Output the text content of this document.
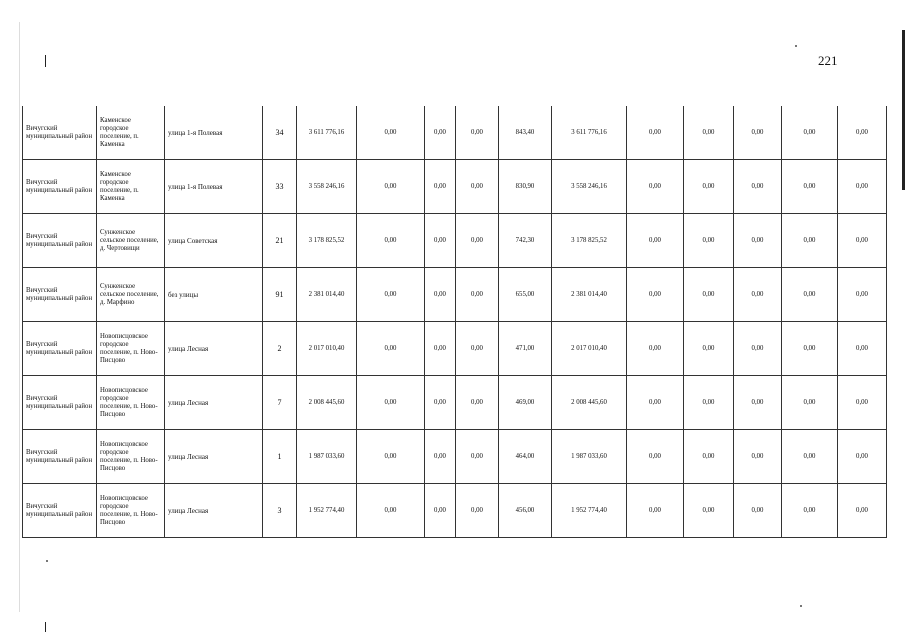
221
Вичугский муниципальный район	Каменское городское поселение, п. Каменка	улица 1-я Полевая	34	3 611 776,16	0,00	0,00	0,00	843,40	3 611 776,16	0,00	0,00	0,00	0,00	0,00
Вичугский муниципальный район	Каменское городское поселение, п. Каменка	улица 1-я Полевая	33	3 558 246,16	0,00	0,00	0,00	830,90	3 558 246,16	0,00	0,00	0,00	0,00	0,00
Вичугский муниципальный район	Сунженское сельское поселение, д. Чертовищи	улица Советская	21	3 178 825,52	0,00	0,00	0,00	742,30	3 178 825,52	0,00	0,00	0,00	0,00	0,00
Вичугский муниципальный район	Сунженское сельское поселение, д. Марфино	без улицы	91	2 381 014,40	0,00	0,00	0,00	655,00	2 381 014,40	0,00	0,00	0,00	0,00	0,00
Вичугский муниципальный район	Новописцовское городское поселение, п. Ново-Писцово	улица Лесная	2	2 017 010,40	0,00	0,00	0,00	471,00	2 017 010,40	0,00	0,00	0,00	0,00	0,00
Вичугский муниципальный район	Новописцовское городское поселение, п. Ново-Писцово	улица Лесная	7	2 008 445,60	0,00	0,00	0,00	469,00	2 008 445,60	0,00	0,00	0,00	0,00	0,00
Вичугский муниципальный район	Новописцовское городское поселение, п. Ново-Писцово	улица Лесная	1	1 987 033,60	0,00	0,00	0,00	464,00	1 987 033,60	0,00	0,00	0,00	0,00	0,00
Вичугский муниципальный район	Новописцовское городское поселение, п. Ново-Писцово	улица Лесная	3	1 952 774,40	0,00	0,00	0,00	456,00	1 952 774,40	0,00	0,00	0,00	0,00	0,00
